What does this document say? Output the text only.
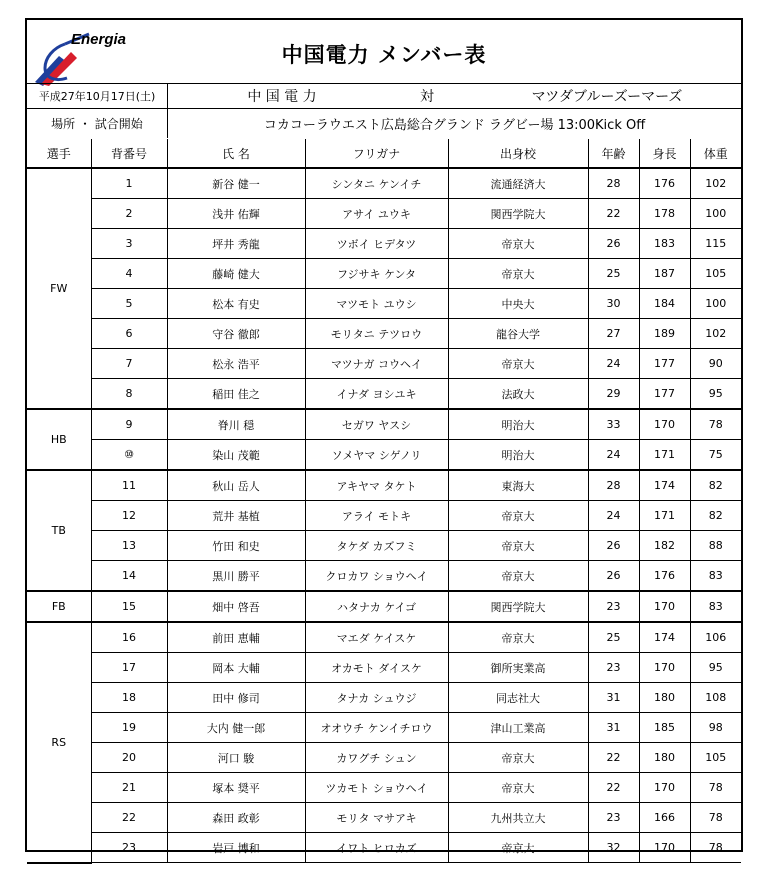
Energia
中国電力 メンバー表
平成27年10月17日(土)	中 国 電 力	対	マツダブルーズーマーズ
場所 ・ 試合開始	コカコーラウエスト広島総合グランド ラグビー場 13:00Kick Off
選手	背番号	氏 名	フリガナ	出身校	年齢	身長	体重
FW	1	新谷 健一	シンタニ ケンイチ	流通経済大	28	176	102
	2	浅井 佑輝	アサイ ユウキ	関西学院大	22	178	100
	3	坪井 秀龍	ツボイ ヒデタツ	帝京大	26	183	115
	4	藤崎 健大	フジサキ ケンタ	帝京大	25	187	105
	5	松本 有史	マツモト ユウシ	中央大	30	184	100
	6	守谷 徹郎	モリタニ テツロウ	龍谷大学	27	189	102
	7	松永 浩平	マツナガ コウヘイ	帝京大	24	177	90
	8	稲田 佳之	イナダ ヨシユキ	法政大	29	177	95
HB	9	脊川 穏	セガワ ヤスシ	明治大	33	170	78
	⑩	染山 茂範	ソメヤマ シゲノリ	明治大	24	171	75
TB	11	秋山 岳人	アキヤマ タケト	東海大	28	174	82
	12	荒井 基植	アライ モトキ	帝京大	24	171	82
	13	竹田 和史	タケダ カズフミ	帝京大	26	182	88
	14	黒川 勝平	クロカワ ショウヘイ	帝京大	26	176	83
FB	15	畑中 啓吾	ハタナカ ケイゴ	関西学院大	23	170	83
RS	16	前田 恵輔	マエダ ケイスケ	帝京大	25	174	106
	17	岡本 大輔	オカモト ダイスケ	御所実業高	23	170	95
	18	田中 修司	タナカ シュウジ	同志社大	31	180	108
	19	大内 健一郎	オオウチ ケンイチロウ	津山工業高	31	185	98
	20	河口 駿	カワグチ シュン	帝京大	22	180	105
	21	塚本 奨平	ツカモト ショウヘイ	帝京大	22	170	78
	22	森田 政彰	モリタ マサアキ	九州共立大	23	166	78
	23	岩戸 博和	イワト ヒロカズ	帝京大	32	170	78
